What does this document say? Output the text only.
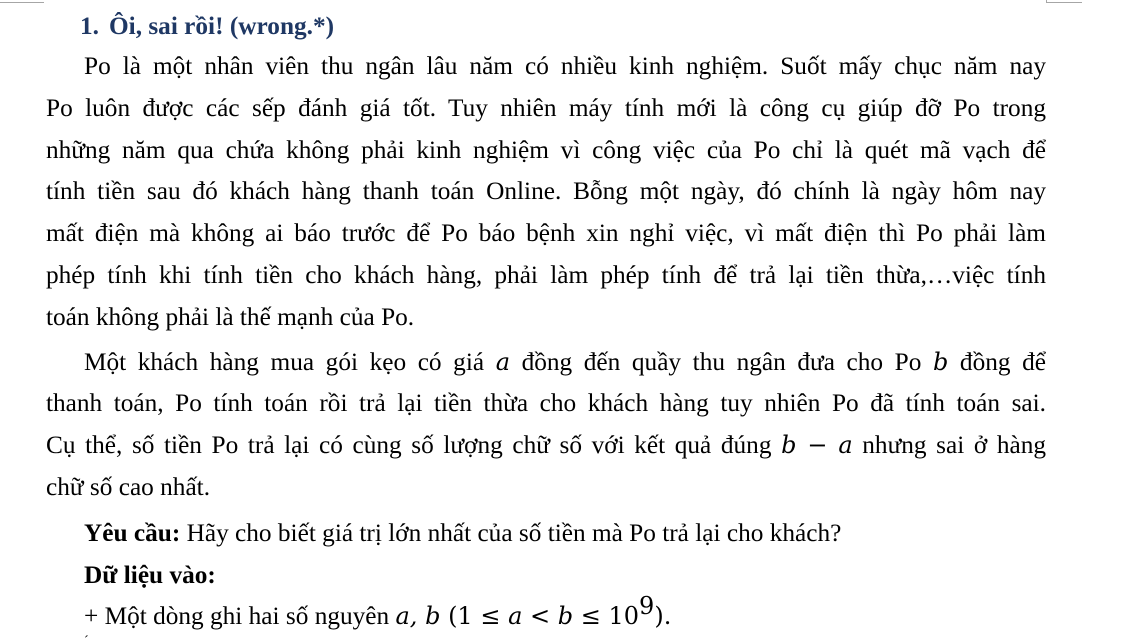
1. Ôi, sai rồi! (wrong.*)
Po là một nhân viên thu ngân lâu năm có nhiều kinh nghiệm. Suốt mấy chục năm nay
Po luôn được các sếp đánh giá tốt. Tuy nhiên máy tính mới là công cụ giúp đỡ Po trong
những năm qua chứa không phải kinh nghiệm vì công việc của Po chỉ là quét mã vạch để
tính tiền sau đó khách hàng thanh toán Online. Bỗng một ngày, đó chính là ngày hôm nay
mất điện mà không ai báo trước để Po báo bệnh xin nghỉ việc, vì mất điện thì Po phải làm
phép tính khi tính tiền cho khách hàng, phải làm phép tính để trả lại tiền thừa,…việc tính
toán không phải là thế mạnh của Po.
Một khách hàng mua gói kẹo có giá a đồng đến quầy thu ngân đưa cho Po b đồng để
thanh toán, Po tính toán rồi trả lại tiền thừa cho khách hàng tuy nhiên Po đã tính toán sai.
Cụ thể, số tiền Po trả lại có cùng số lượng chữ số với kết quả đúng b − a nhưng sai ở hàng
chữ số cao nhất.
Yêu cầu: Hãy cho biết giá trị lớn nhất của số tiền mà Po trả lại cho khách?
Dữ liệu vào:
+ Một dòng ghi hai số nguyên a, b $(1 \le a < b \le 10^9)$.
´
